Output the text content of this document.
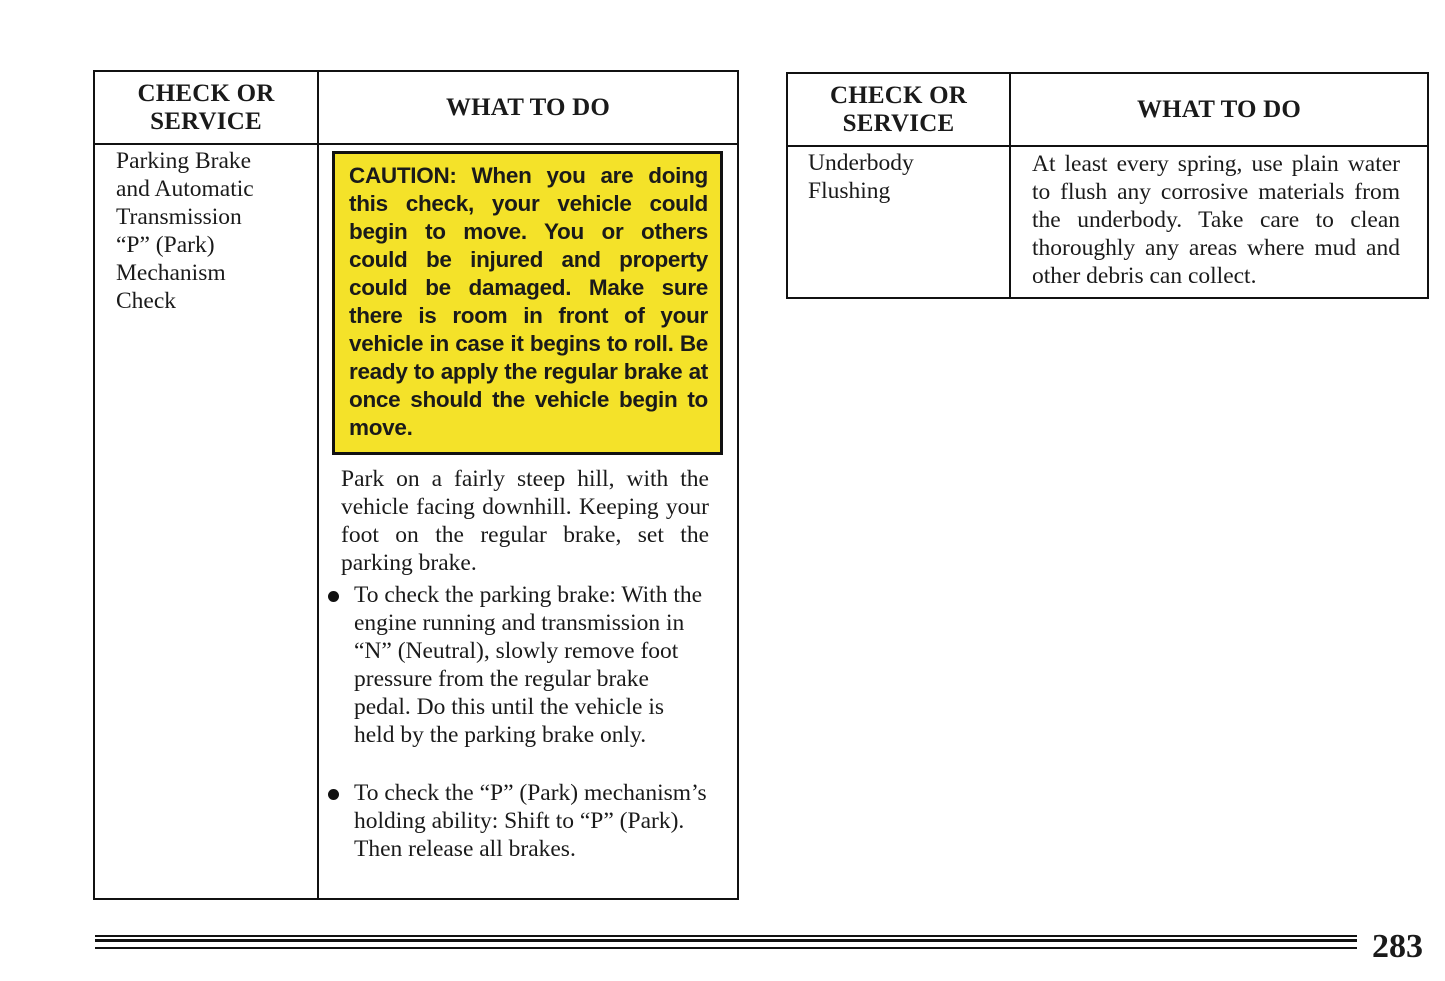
CHECK OR
SERVICE
WHAT TO DO
Parking Brake
and Automatic
Transmission
“P” (Park)
Mechanism
Check
CAUTION: When you are doing this check, your vehicle could begin to move. You or others could be injured and property could be damaged. Make sure there is room in front of your vehicle in case it begins to roll. Be ready to apply the regular brake at once should the vehicle begin to move.
Park on a fairly steep hill, with the vehicle facing downhill. Keeping your foot on the regular brake, set the parking brake.
To check the parking brake: With the engine running and transmission in “N” (Neutral), slowly remove foot pressure from the regular brake pedal. Do this until the vehicle is held by the parking brake only.
To check the “P” (Park) mechanism’s holding ability: Shift to “P” (Park). Then release all brakes.
CHECK OR
SERVICE
WHAT TO DO
Underbody
Flushing
At least every spring, use plain water to flush any corrosive materials from the underbody. Take care to clean thoroughly any areas where mud and other debris can collect.
283
